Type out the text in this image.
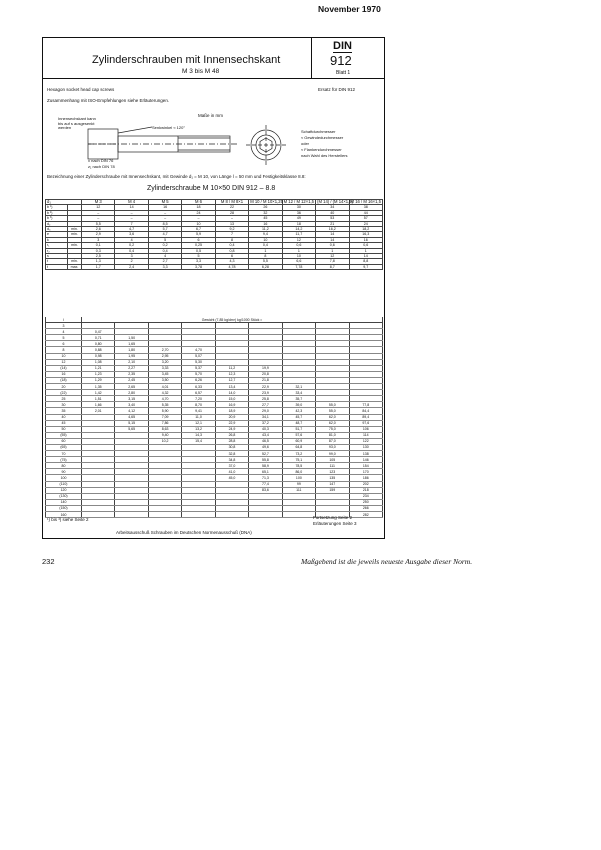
November 1970
DIN
912
Blatt 1
Zylinderschrauben mit Innensechskant
M 3 bis M 48
Hexagon socket head cap screws	Ersatz für DIN 912
Zusammenhang mit ISO-Empfehlungen siehe Erläuterungen.
Maße in mm
Innensechskant kann bis auf s ausgesenkt werden	Senkwinkel ≈ 120°
x nach DIN 76
z₁ nach DIN 78
Schaftdurchmesser
≈ Gewindedurchmesser
oder
≈ Flankendurchmesser
nach Wahl des Herstellers
Bezeichnung einer Zylinderschraube mit Innensechskant, mit Gewinde d₁ = M 10, von Länge l = 50 mm und Festigkeitsklasse 8.8:
Zylinderschraube M 10×50 DIN 912 – 8.8
d₁		M 3	M 4	M 5	M 6	M 8 / M 8×1	M 10 / M 10×1,25	M 12 / M 12×1,5	(M 14) / (M 14×1,5)	M 16 / M 16×1,5
b ¹)		12	14	16	18	22	26	30	34	38
b ²)		–	–	–	24	28	32	36	40	44
b ³)		–	–	–	–	–	45	49	53	57
d₂		5,5	7	8,5	10	13	16	18	21	24
d₃	min.	2,6	4,7	5,7	6,7	9,2	11,2	14,2	16,2	18,2
e	min.	2,9	3,6	4,7	5,9	7	9,4	11,7	14	16,3
k		3	4	5	6	8	10	12	14	16
r₁	min.	0,1	0,2	0,2	0,25	0,4	0,4	0,6	0,6	0,6
r₂		0,3	0,4	0,4	0,5	0,8	1	1	1	1
s		2,5	3	4	5	6	8	10	12	14
t	min.	1,3	2	2,7	3,3	4,3	5,5	6,6	7,8	8,8
t	max.	1,7	2,4	3,3	3,78	4,78	6,28	7,78	8,7	9,7
l	Gewicht (7,85 kg/dm³) kg/1000 Stück ≈								
3									
4	0,47								
5	0,71	1,50							
6	0,80	1,65							
8	0,88	1,80	2,70	4,70					
10	0,98	1,95	2,95	5,07					
12	1,08	2,10	3,20	5,30					
(14)	1,21	2,27	3,33	5,37	11,2	19,9			
16	1,23	2,35	3,45	5,70	12,3	20,8			
(18)	1,29	2,45	3,50	6,26	12,7	21,8			
20	1,35	2,65	4,01	6,33	13,4	22,9	32,1		
(22)	1,42	2,80	4,32	6,57	14,0	23,9	33,4		
25	1,51	3,15	4,70	7,20	15,0	25,8	35,7		
30	1,66	3,40	5,35	8,70	16,9	27,7	39,0	55,0	77,8
35	2,01	4,12	5,90	9,41	18,9	29,0	42,3	55,0	84,4
40		4,65	7,09	11,0	20,9	34,1	45,7	62,0	89,4
45		5,15	7,86	12,1	22,9	37,2	48,7	62,0	97,6
50		5,65	8,63	13,2	24,9	40,3	51,7	75,0	106
(55)			9,40	14,3	26,8	43,4	57,6	81,0	114
60			10,2	15,4	28,8	46,5	60,9	87,0	122
(65)					30,8	49,6	64,8	93,0	130
70					32,8	52,7	73,2	99,0	138
(75)					34,8	55,8	75,1	105	146
80					37,0	58,9	78,5	111	154
90					41,0	65,1	86,0	123	170
100					45,0	71,3	100	135	186
(110)						77,4	99	147	202
120						83,6	111	159	218
(130)									234
140									250
(150)									266
160									282
¹) bis ³) siehe Seite 2	Fortsetzung Seite 2
Erläuterungen Seite 3
Arbeitsausschuß Schrauben im Deutschen Normenausschuß (DNA)
232	Maßgebend ist die jeweils neueste Ausgabe dieser Norm.
